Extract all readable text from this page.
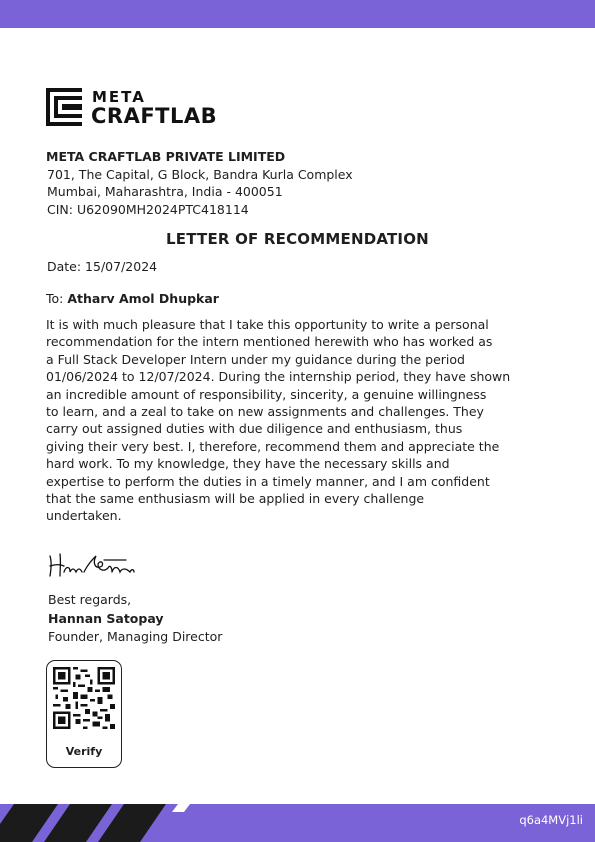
META
CRAFTLAB
META CRAFTLAB PRIVATE LIMITED
701, The Capital, G Block, Bandra Kurla Complex
Mumbai, Maharashtra, India - 400051
CIN: U62090MH2024PTC418114
LETTER OF RECOMMENDATION
Date: 15/07/2024
To: Atharv Amol Dhupkar
It is with much pleasure that I take this opportunity to write a personal
recommendation for the intern mentioned herewith who has worked as
a Full Stack Developer Intern under my guidance during the period
01/06/2024 to 12/07/2024. During the internship period, they have shown
an incredible amount of responsibility, sincerity, a genuine willingness
to learn, and a zeal to take on new assignments and challenges. They
carry out assigned duties with due diligence and enthusiasm, thus
giving their very best. I, therefore, recommend them and appreciate the
hard work. To my knowledge, they have the necessary skills and
expertise to perform the duties in a timely manner, and I am confident
that the same enthusiasm will be applied in every challenge
undertaken.
Best regards,
Hannan Satopay
Founder, Managing Director
Verify
q6a4MVj1li
